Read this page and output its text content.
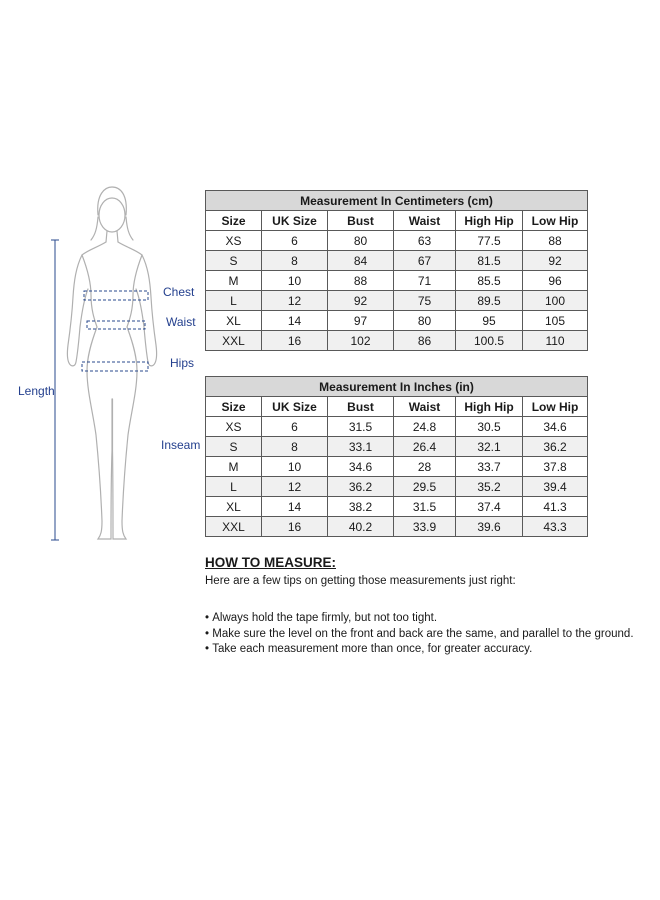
Length
Chest
Waist
Hips
Inseam
Measurement In Centimeters (cm)					
Size	UK Size	Bust	Waist	High Hip	Low Hip
XS	6	80	63	77.5	88
S	8	84	67	81.5	92
M	10	88	71	85.5	96
L	12	92	75	89.5	100
XL	14	97	80	95	105
XXL	16	102	86	100.5	110
Measurement In Inches (in)					
Size	UK Size	Bust	Waist	High Hip	Low Hip
XS	6	31.5	24.8	30.5	34.6
S	8	33.1	26.4	32.1	36.2
M	10	34.6	28	33.7	37.8
L	12	36.2	29.5	35.2	39.4
XL	14	38.2	31.5	37.4	41.3
XXL	16	40.2	33.9	39.6	43.3
HOW TO MEASURE:
Here are a few tips on getting those measurements just right:
• Always hold the tape firmly, but not too tight.
• Make sure the level on the front and back are the same, and parallel to the ground.
• Take each measurement more than once, for greater accuracy.
